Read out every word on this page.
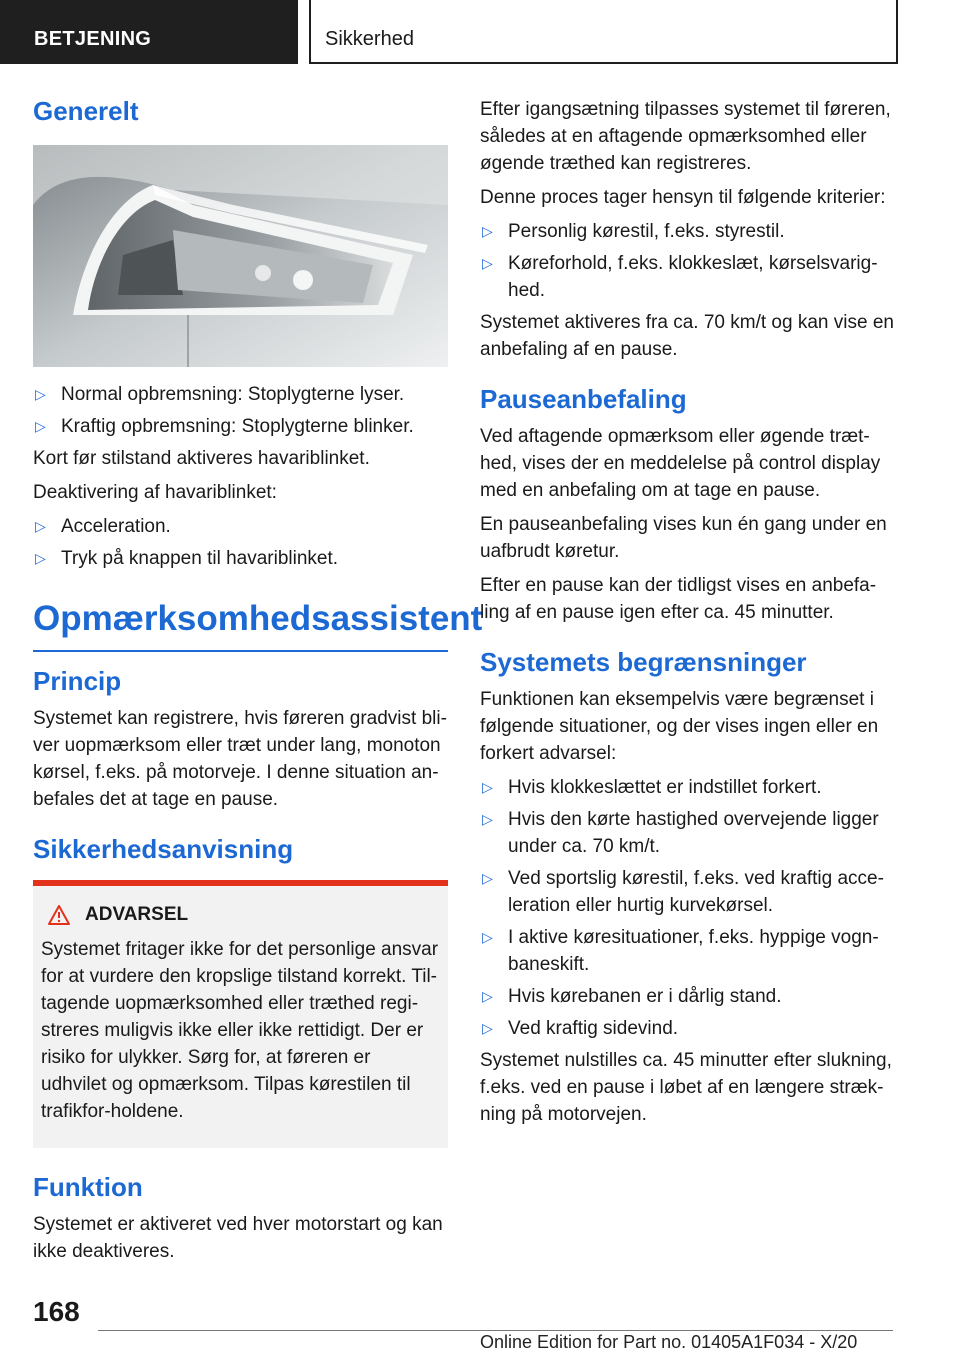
BETJENING	Sikkerhed
Generelt
▷ Normal opbremsning: Stoplygterne lyser.
▷ Kraftig opbremsning: Stoplygterne blinker.

Kort før stilstand aktiveres havariblinket.

Deaktivering af havariblinket:

▷ Acceleration.
▷ Tryk på knappen til havariblinket.
Opmærksomhedsassistent
Princip

Systemet kan registrere, hvis føreren gradvist bli-ver uopmærksom eller træt under lang, monoton kørsel, f.eks. på motorveje. I denne situation an-befales det at tage en pause.

Sikkerhedsanvisning
ADVARSEL

Systemet fritager ikke for det personlige ansvar for at vurdere den kropslige tilstand korrekt. Til-tagende uopmærksomhed eller træthed regi-streres muligvis ikke eller ikke rettidigt. Der er risiko for ulykker. Sørg for, at føreren er udhvilet og opmærksom. Tilpas kørestilen til trafikfor-holdene.

Funktion

Systemet er aktiveret ved hver motorstart og kan ikke deaktiveres.

Efter igangsætning tilpasses systemet til føreren, således at en aftagende opmærksomhed eller øgende træthed kan registreres.

Denne proces tager hensyn til følgende kriterier:

▷ Personlig kørestil, f.eks. styrestil.
▷ Køreforhold, f.eks. klokkeslæt, kørselsvarig-hed.

Systemet aktiveres fra ca. 70 km/t og kan vise en anbefaling af en pause.

Pauseanbefaling

Ved aftagende opmærksom eller øgende træt-hed, vises der en meddelelse på control display med en anbefaling om at tage en pause.

En pauseanbefaling vises kun én gang under en uafbrudt køretur.

Efter en pause kan der tidligst vises en anbefa-ling af en pause igen efter ca. 45 minutter.

Systemets begrænsninger

Funktionen kan eksempelvis være begrænset i følgende situationer, og der vises ingen eller en forkert advarsel:

▷ Hvis klokkeslættet er indstillet forkert.
▷ Hvis den kørte hastighed overvejende ligger under ca. 70 km/t.
▷ Ved sportslig kørestil, f.eks. ved kraftig acce-leration eller hurtig kurvekørsel.
▷ I aktive køresituationer, f.eks. hyppige vogn-baneskift.
▷ Hvis kørebanen er i dårlig stand.
▷ Ved kraftig sidevind.

Systemet nulstilles ca. 45 minutter efter slukning, f.eks. ved en pause i løbet af en længere stræk-ning på motorvejen.

168
Online Edition for Part no. 01405A1F034 - X/20
